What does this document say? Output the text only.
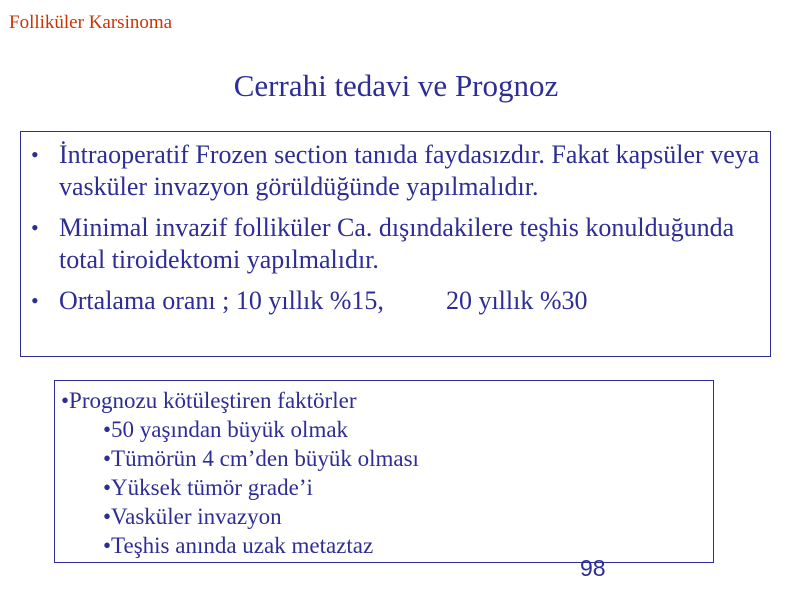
Folliküler Karsinoma
Cerrahi tedavi ve Prognoz
• İntraoperatif Frozen section tanıda faydasızdır. Fakat kapsüler veya vasküler invazyon görüldüğünde yapılmalıdır.
• Minimal invazif folliküler Ca. dışındakilere teşhis konulduğunda total tiroidektomi yapılmalıdır.
• Ortalama oranı ; 10 yıllık %15, 20 yıllık %30
•Prognozu kötüleştiren faktörler
•50 yaşından büyük olmak
•Tümörün 4 cm’den büyük olması
•Yüksek tümör grade’i
•Vasküler invazyon
•Teşhis anında uzak metaztaz
98
